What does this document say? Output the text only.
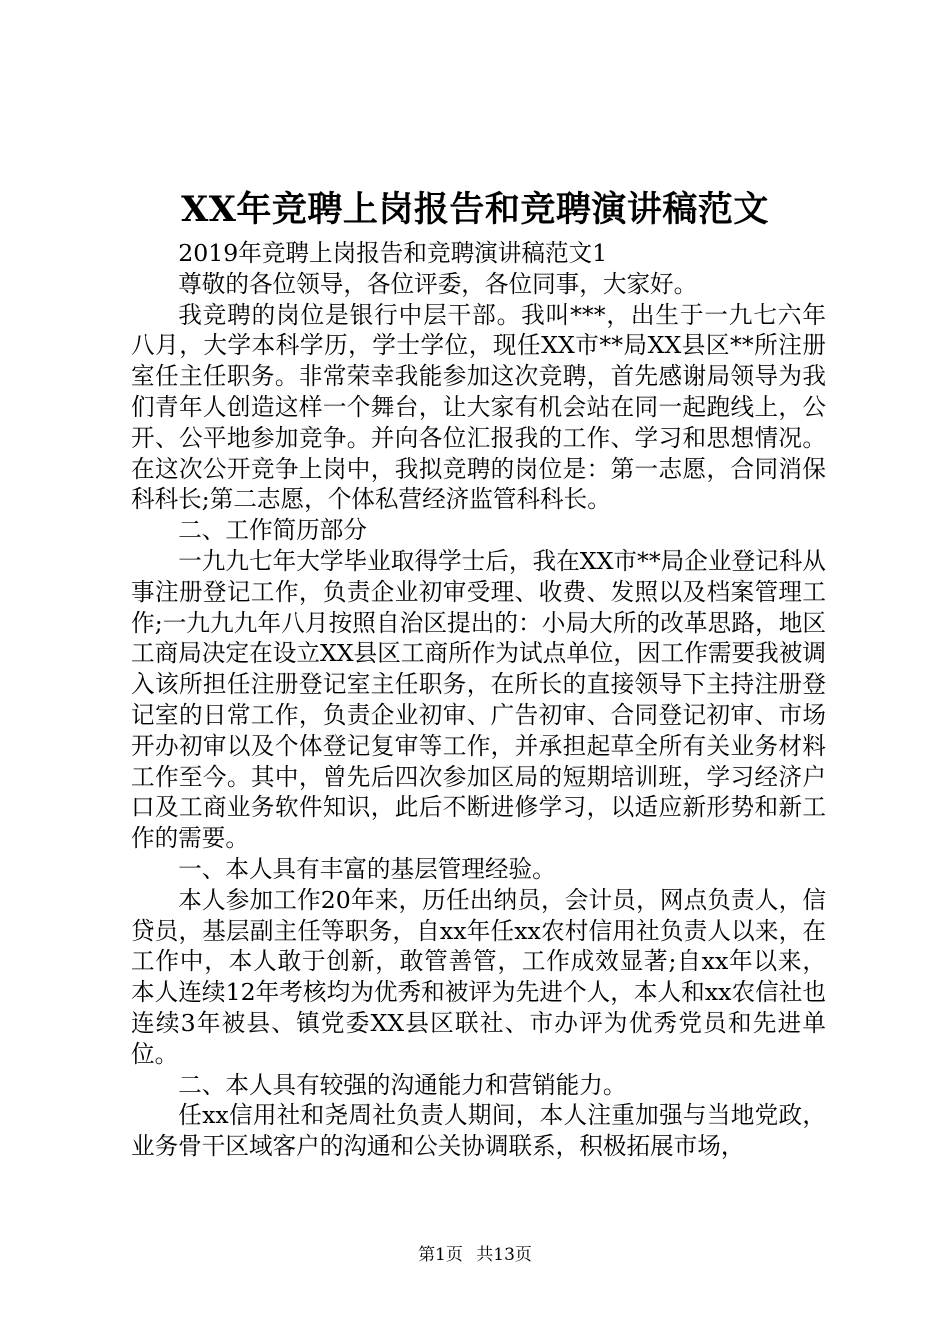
XX年竞聘上岗报告和竞聘演讲稿范文

2019年竞聘上岗报告和竞聘演讲稿范文1

尊敬的各位领导，各位评委，各位同事，大家好。

我竞聘的岗位是银行中层干部。我叫***，出生于一九七六年八月，大学本科学历，学士学位，现任XX市**局XX县区**所注册室任主任职务。非常荣幸我能参加这次竞聘，首先感谢局领导为我们青年人创造这样一个舞台，让大家有机会站在同一起跑线上，公开、公平地参加竞争。并向各位汇报我的工作、学习和思想情况。在这次公开竞争上岗中，我拟竞聘的岗位是：第一志愿，合同消保科科长;第二志愿，个体私营经济监管科科长。

二、工作简历部分

一九九七年大学毕业取得学士后，我在XX市**局企业登记科从事注册登记工作，负责企业初审受理、收费、发照以及档案管理工作;一九九九年八月按照自治区提出的：小局大所的改革思路，地区工商局决定在设立XX县区工商所作为试点单位，因工作需要我被调入该所担任注册登记室主任职务，在所长的直接领导下主持注册登记室的日常工作，负责企业初审、广告初审、合同登记初审、市场开办初审以及个体登记复审等工作，并承担起草全所有关业务材料工作至今。其中，曾先后四次参加区局的短期培训班，学习经济户口及工商业务软件知识，此后不断进修学习，以适应新形势和新工作的需要。

一、本人具有丰富的基层管理经验。

本人参加工作20年来，历任出纳员，会计员，网点负责人，信贷员，基层副主任等职务，自xx年任xx农村信用社负责人以来，在工作中，本人敢于创新，敢管善管，工作成效显著;自xx年以来，本人连续12年考核均为优秀和被评为先进个人，本人和xx农信社也连续3年被县、镇党委XX县区联社、市办评为优秀党员和先进单位。

二、本人具有较强的沟通能力和营销能力。

任xx信用社和尧周社负责人期间，本人注重加强与当地党政，业务骨干区域客户的沟通和公关协调联系，积极拓展市场，

第1页 共13页
